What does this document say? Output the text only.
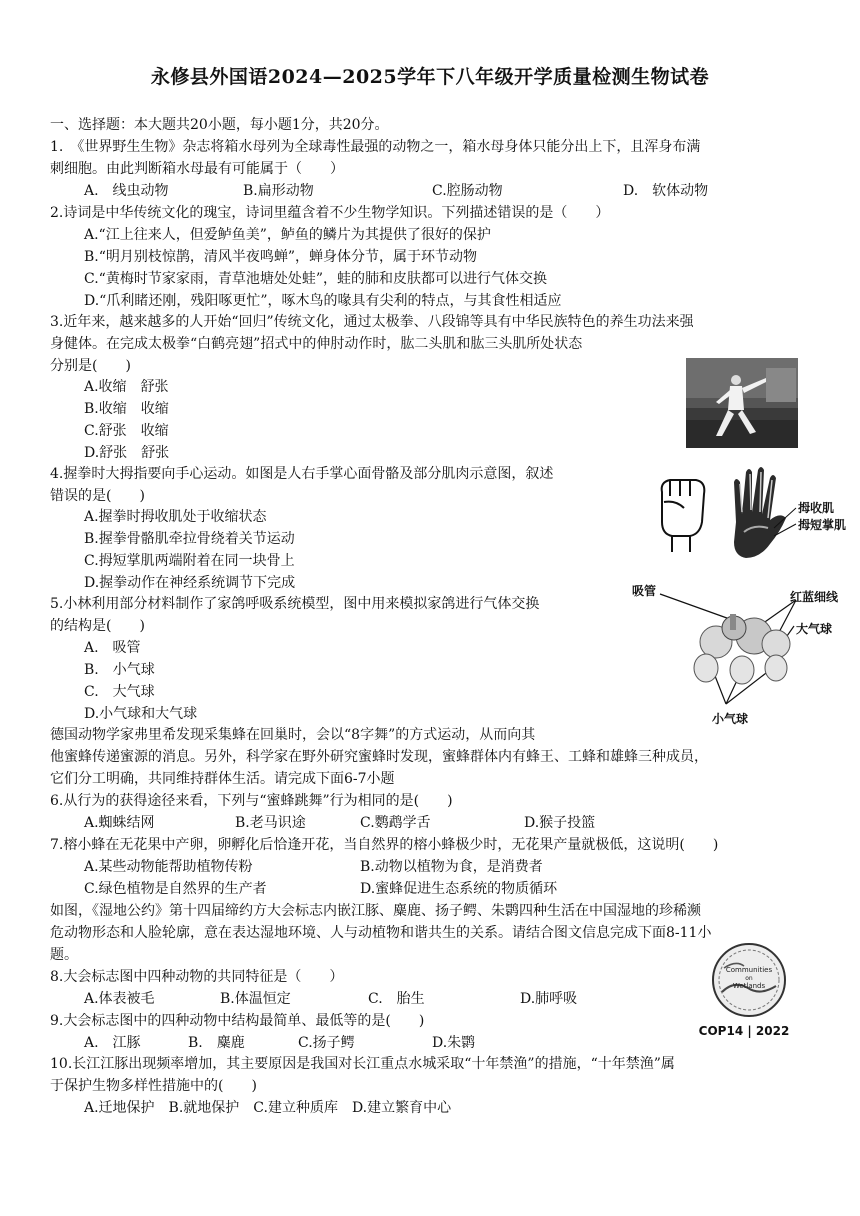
永修县外国语2024—2025学年下八年级开学质量检测生物试卷
一、选择题：本大题共20小题，每小题1分，共20分。
1.　《世界野生生物》杂志将箱水母列为全球毒性最强的动物之一，箱水母身体只能分出上下，且浑身布满
刺细胞。由此判断箱水母最有可能属于（　　）
A.　线虫动物	B.扁形动物	C.腔肠动物	D.　软体动物
2.诗词是中华传统文化的瑰宝，诗词里蕴含着不少生物学知识。下列描述错误的是（　　）
A.“江上往来人，但爱鲈鱼美”，鲈鱼的鳞片为其提供了很好的保护
B.“明月别枝惊鹊，清风半夜鸣蝉”，蝉身体分节，属于环节动物
C.“黄梅时节家家雨，青草池塘处处蛙”，蛙的肺和皮肤都可以进行气体交换
D.“爪利睹还刚，残阳啄更忙”，啄木鸟的喙具有尖利的特点，与其食性相适应
3.近年来，越来越多的人开始“回归”传统文化，通过太极拳、八段锦等具有中华民族特色的养生功法来强
身健体。在完成太极拳“白鹤亮翅”招式中的伸肘动作时，肱二头肌和肱三头肌所处状态
分别是(　　)
A.收缩　舒张
B.收缩　收缩
C.舒张　收缩
D.舒张　舒张
4.握拳时大拇指要向手心运动。如图是人右手掌心面骨骼及部分肌肉示意图，叙述
错误的是(　　)
A.握拳时拇收肌处于收缩状态
B.握拳骨骼肌牵拉骨绕着关节运动
C.拇短掌肌两端附着在同一块骨上
D.握拳动作在神经系统调节下完成
拇收肌
拇短掌肌
5.小林利用部分材料制作了家鸽呼吸系统模型，图中用来模拟家鸽进行气体交换
的结构是(　　)
A.　吸管
B.　小气球
C.　大气球
D.小气球和大气球
吸管	红蓝细线
大气球
小气球
德国动物学家弗里希发现采集蜂在回巢时，会以“8字舞”的方式运动，从而向其
他蜜蜂传递蜜源的消息。另外，科学家在野外研究蜜蜂时发现，蜜蜂群体内有蜂王、工蜂和雄蜂三种成员，
它们分工明确，共同维持群体生活。请完成下面6-7小题
6.从行为的获得途径来看，下列与“蜜蜂跳舞”行为相同的是(　　)
A.蜘蛛结网	B.老马识途	C.鹦鹉学舌	D.猴子投篮
7.榕小蜂在无花果中产卵，卵孵化后恰逢开花，当自然界的榕小蜂极少时，无花果产量就极低，这说明(　　)
A.某些动物能帮助植物传粉	B.动物以植物为食，是消费者
C.绿色植物是自然界的生产者	D.蜜蜂促进生态系统的物质循环
如图，《湿地公约》第十四届缔约方大会标志内嵌江豚、麋鹿、扬子鳄、朱鹮四种生活在中国湿地的珍稀濒
危动物形态和人脸轮廓，意在表达湿地环境、人与动植物和谐共生的关系。请结合图文信息完成下面8-11小
题。
8.大会标志图中四种动物的共同特征是（　　）
A.体表被毛	B.体温恒定	C.　胎生	D.肺呼吸
9.大会标志图中的四种动物中结构最简单、最低等的是(　　)
A.　江豚	B.　麋鹿	C.扬子鳄	D.朱鹮
Communities
on
Wetlands
COP14 | 2022
10.长江江豚出现频率增加，其主要原因是我国对长江重点水城采取“十年禁渔”的措施，“十年禁渔”属
于保护生物多样性措施中的(　　)
A.迁地保护　B.就地保护　C.建立种质库　D.建立繁育中心
